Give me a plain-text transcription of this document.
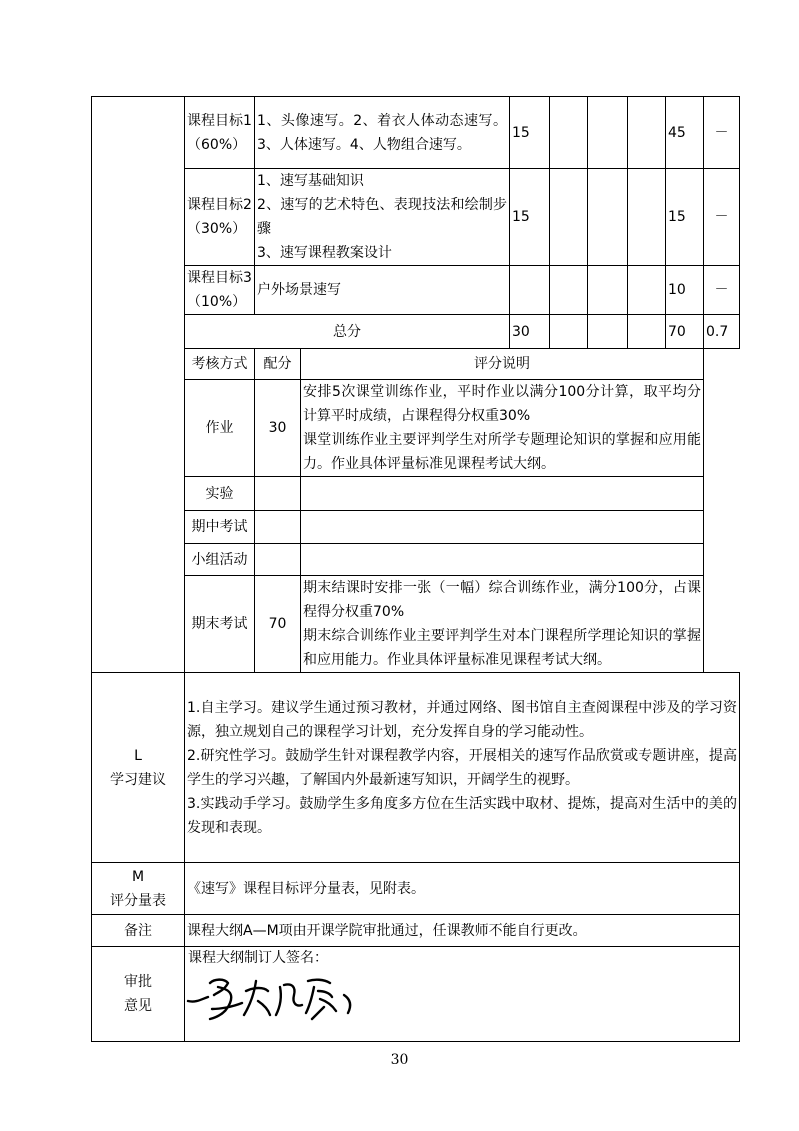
	课程目标1（60%）	1、头像速写。2、着衣人体动态速写。3、人体速写。4、人物组合速写。		15				45	－
	课程目标2（30%）	1、速写基础知识
2、速写的艺术特色、表现技法和绘制步骤
3、速写课程教案设计		15				15	－
	课程目标3（10%）	户外场景速写						10	－
	总分			30				70	0.7
	考核方式	配分	评分说明						
	作业	30	安排5次课堂训练作业，平时作业以满分100分计算，取平均分计算平时成绩，占课程得分权重30%
课堂训练作业主要评判学生对所学专题理论知识的掌握和应用能力。作业具体评量标准见课程考试大纲。						
	实验								
	期中考试								
	小组活动								
	期末考试	70	期末结课时安排一张（一幅）综合训练作业，满分100分，占课程得分权重70%
期末综合训练作业主要评判学生对本门课程所学理论知识的掌握和应用能力。作业具体评量标准见课程考试大纲。						

L
学习建议	1.自主学习。建议学生通过预习教材，并通过网络、图书馆自主查阅课程中涉及的学习资源，独立规划自己的课程学习计划，充分发挥自身的学习能动性。
2.研究性学习。鼓励学生针对课程教学内容，开展相关的速写作品欣赏或专题讲座，提高学生的学习兴趣，了解国内外最新速写知识，开阔学生的视野。
3.实践动手学习。鼓励学生多角度多方位在生活实践中取材、提炼，提高对生活中的美的发现和表现。								

M
评分量表	《速写》课程目标评分量表，见附表。								
备注	课程大纲A—M项由开课学院审批通过，任课教师不能自行更改。								

审批
意见	课程大纲制订人签名：								
30
